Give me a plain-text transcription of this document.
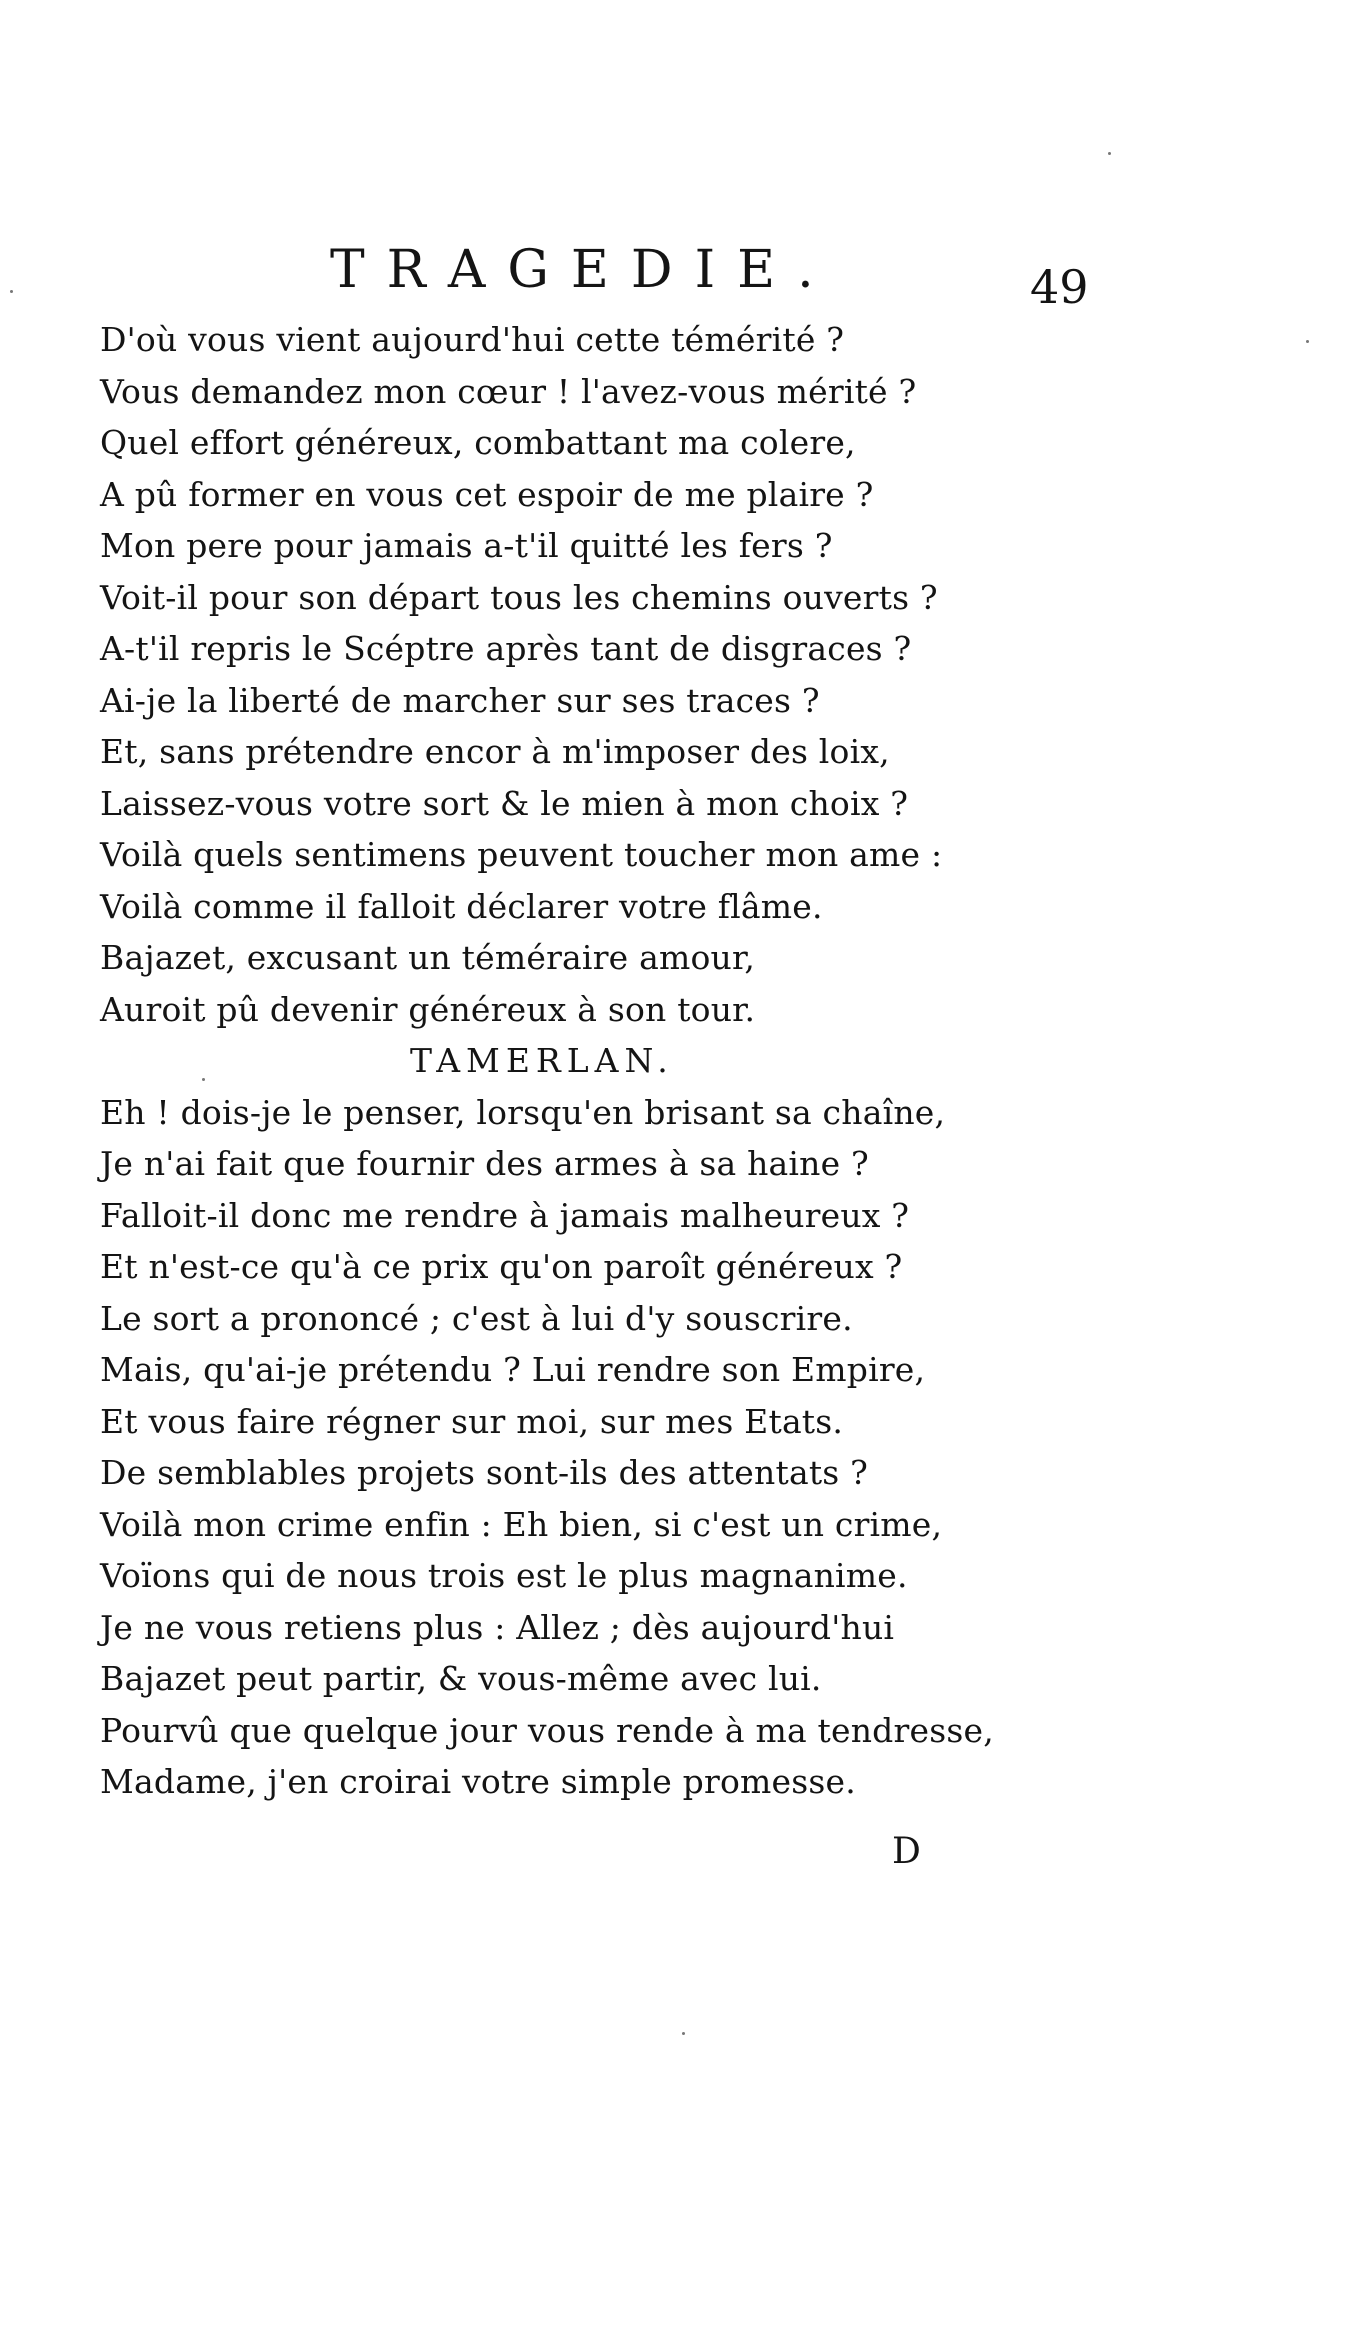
TRAGEDIE.	49
D'où vous vient aujourd'hui cette témérité ?
Vous demandez mon cœur ! l'avez-vous mérité ?
Quel effort généreux, combattant ma colere,
A pû former en vous cet espoir de me plaire ?
Mon pere pour jamais a-t'il quitté les fers ?
Voit-il pour son départ tous les chemins ouverts ?
A-t'il repris le Scéptre après tant de disgraces ?
Ai-je la liberté de marcher sur ses traces ?
Et, sans prétendre encor à m'imposer des loix,
Laissez-vous votre sort & le mien à mon choix ?
Voilà quels sentimens peuvent toucher mon ame :
Voilà comme il falloit déclarer votre flâme.
Bajazet, excusant un téméraire amour,
Auroit pû devenir généreux à son tour.
TAMERLAN.
Eh ! dois-je le penser, lorsqu'en brisant sa chaîne,
Je n'ai fait que fournir des armes à sa haine ?
Falloit-il donc me rendre à jamais malheureux ?
Et n'est-ce qu'à ce prix qu'on paroît généreux ?
Le sort a prononcé ; c'est à lui d'y souscrire.
Mais, qu'ai-je prétendu ? Lui rendre son Empire,
Et vous faire régner sur moi, sur mes Etats.
De semblables projets sont-ils des attentats ?
Voilà mon crime enfin : Eh bien, si c'est un crime,
Voïons qui de nous trois est le plus magnanime.
Je ne vous retiens plus : Allez ; dès aujourd'hui
Bajazet peut partir, & vous-même avec lui.
Pourvû que quelque jour vous rende à ma tendresse,
Madame, j'en croirai votre simple promesse.
D
